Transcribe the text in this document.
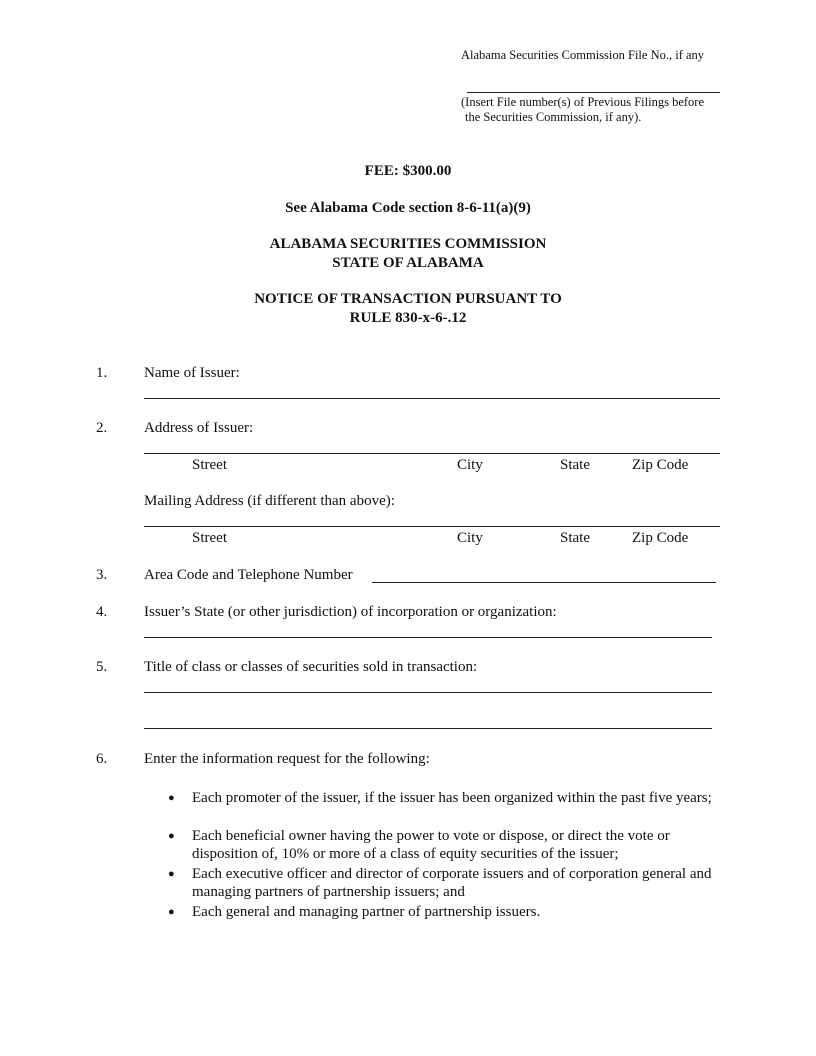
Alabama Securities Commission File No., if any
(Insert File number(s) of Previous Filings before
the Securities Commission, if any).
FEE: $300.00
See Alabama Code section 8-6-11(a)(9)
ALABAMA SECURITIES COMMISSION
STATE OF ALABAMA
NOTICE OF TRANSACTION PURSUANT TO
RULE 830-x-6-.12
1. Name of Issuer:
2. Address of Issuer:
Street	City	State	Zip Code
Mailing Address (if different than above):
Street	City	State	Zip Code
3. Area Code and Telephone Number
4. Issuer’s State (or other jurisdiction) of incorporation or organization:
5. Title of class or classes of securities sold in transaction:
6. Enter the information request for the following:
● Each promoter of the issuer, if the issuer has been organized within the past five years;
● Each beneficial owner having the power to vote or dispose, or direct the vote or disposition of, 10% or more of a class of equity securities of the issuer;
● Each executive officer and director of corporate issuers and of corporation general and managing partners of partnership issuers; and
● Each general and managing partner of partnership issuers.
